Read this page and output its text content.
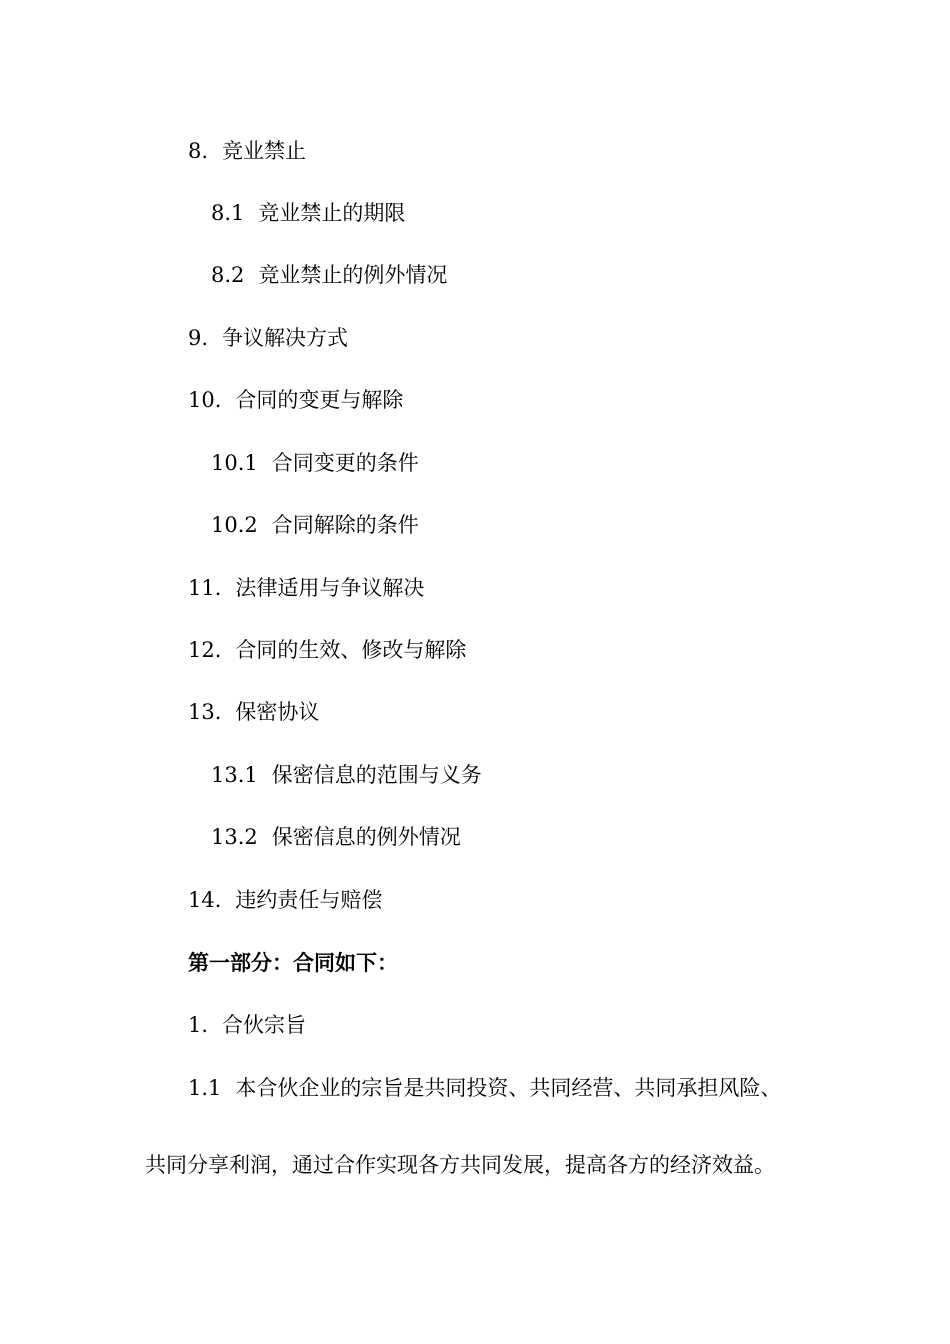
8. 竞业禁止
8.1 竞业禁止的期限
8.2 竞业禁止的例外情况
9. 争议解决方式
10. 合同的变更与解除
10.1 合同变更的条件
10.2 合同解除的条件
11. 法律适用与争议解决
12. 合同的生效、修改与解除
13. 保密协议
13.1 保密信息的范围与义务
13.2 保密信息的例外情况
14. 违约责任与赔偿
第一部分：合同如下：
1. 合伙宗旨
1.1 本合伙企业的宗旨是共同投资、共同经营、共同承担风险、
共同分享利润，通过合作实现各方共同发展，提高各方的经济效益。
